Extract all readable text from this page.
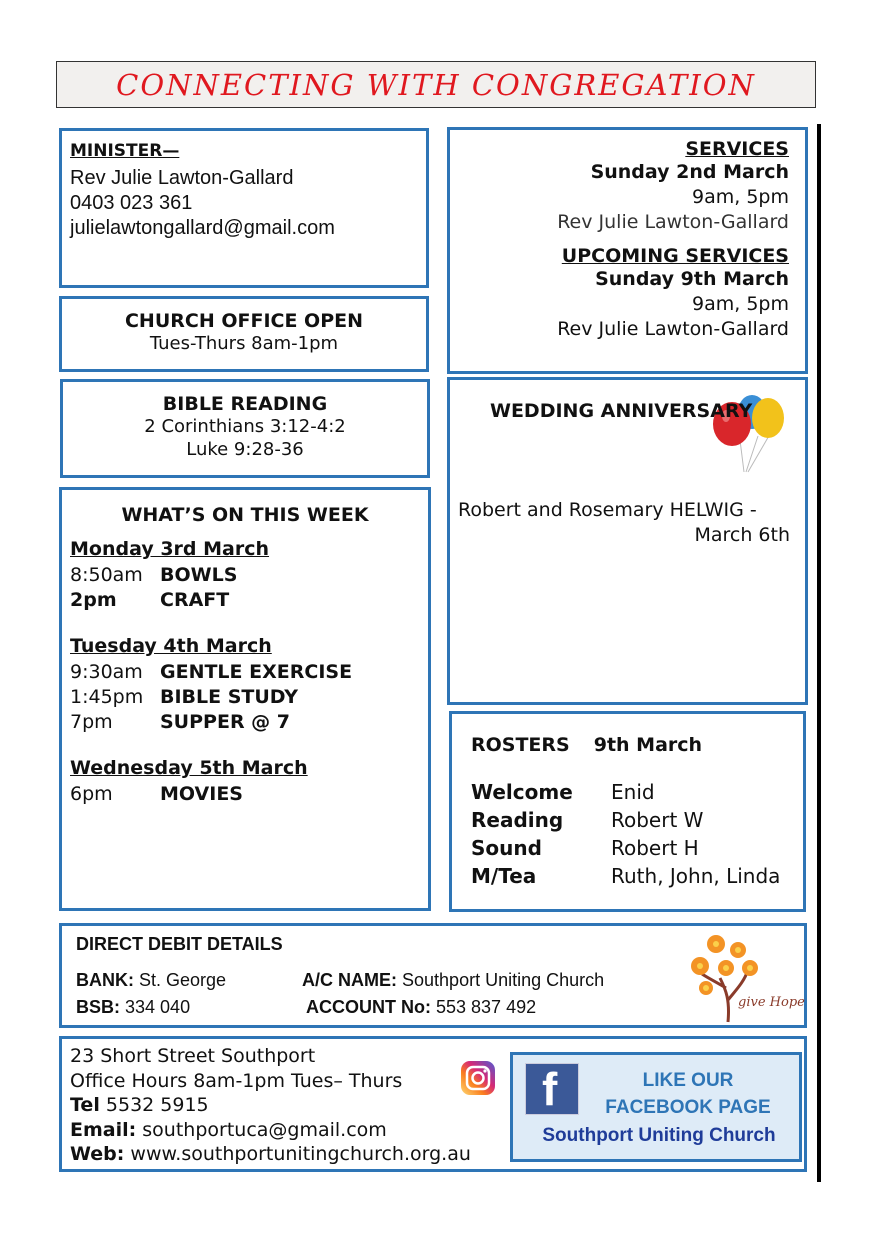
CONNECTING WITH CONGREGATION
MINISTER—
Rev Julie Lawton-Gallard
0403 023 361
julielawtongallard@gmail.com
CHURCH OFFICE OPEN
Tues-Thurs 8am-1pm
BIBLE READING
2 Corinthians 3:12-4:2
Luke 9:28-36
WHAT’S ON THIS WEEK
Monday 3rd March
8:50am BOWLS
2pm	CRAFT
Tuesday 4th March
9:30am GENTLE EXERCISE
1:45pm BIBLE STUDY
7pm	SUPPER @ 7
Wednesday 5th March
6pm	MOVIES
SERVICES
Sunday 2nd March
9am, 5pm
Rev Julie Lawton-Gallard
UPCOMING SERVICES
Sunday 9th March
9am, 5pm
Rev Julie Lawton-Gallard
WEDDING ANNIVERSARY
Robert and Rosemary HELWIG -
March 6th
ROSTERS 9th March
Welcome	Enid
Reading	Robert W
Sound	Robert H
M/Tea	Ruth, John, Linda
DIRECT DEBIT DETAILS
BANK: St. George	A/C NAME: Southport Uniting Church
BSB: 334 040	ACCOUNT No: 553 837 492	give Hope
23 Short Street Southport
Office Hours 8am-1pm Tues– Thurs
Tel 5532 5915
Email: southportuca@gmail.com
Web: www.southportunitingchurch.org.au
f	LIKE OUR
FACEBOOK PAGE
Southport Uniting Church
